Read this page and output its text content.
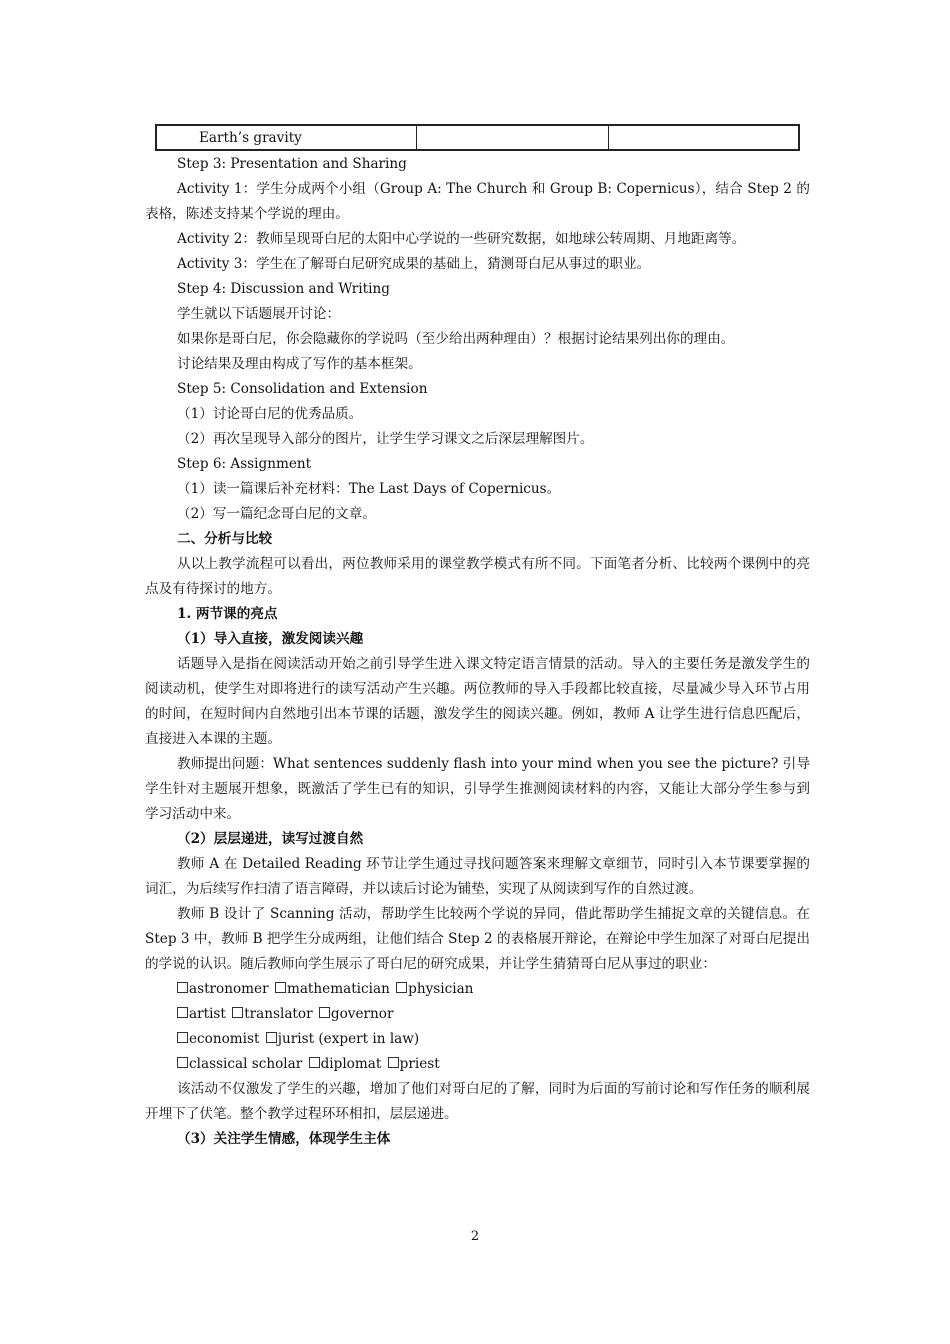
Earth’s gravity

Step 3: Presentation and Sharing

Activity 1：学生分成两个小组（Group A: The Church 和 Group B: Copernicus），结合 Step 2 的表格，陈述支持某个学说的理由。

Activity 2：教师呈现哥白尼的太阳中心学说的一些研究数据，如地球公转周期、月地距离等。

Activity 3：学生在了解哥白尼研究成果的基础上，猜测哥白尼从事过的职业。

Step 4: Discussion and Writing

学生就以下话题展开讨论：

如果你是哥白尼，你会隐藏你的学说吗（至少给出两种理由）？根据讨论结果列出你的理由。

讨论结果及理由构成了写作的基本框架。

Step 5: Consolidation and Extension

（1）讨论哥白尼的优秀品质。

（2）再次呈现导入部分的图片，让学生学习课文之后深层理解图片。

Step 6: Assignment

（1）读一篇课后补充材料：The Last Days of Copernicus。

（2）写一篇纪念哥白尼的文章。

二、分析与比较

从以上教学流程可以看出，两位教师采用的课堂教学模式有所不同。下面笔者分析、比较两个课例中的亮点及有待探讨的地方。

1. 两节课的亮点

（1）导入直接，激发阅读兴趣

话题导入是指在阅读活动开始之前引导学生进入课文特定语言情景的活动。导入的主要任务是激发学生的阅读动机，使学生对即将进行的读写活动产生兴趣。两位教师的导入手段都比较直接，尽量减少导入环节占用的时间，在短时间内自然地引出本节课的话题，激发学生的阅读兴趣。例如，教师 A 让学生进行信息匹配后，直接进入本课的主题。

教师提出问题：What sentences suddenly flash into your mind when you see the picture? 引导学生针对主题展开想象，既激活了学生已有的知识，引导学生推测阅读材料的内容，又能让大部分学生参与到学习活动中来。

（2）层层递进，读写过渡自然

教师 A 在 Detailed Reading 环节让学生通过寻找问题答案来理解文章细节，同时引入本节课要掌握的词汇，为后续写作扫清了语言障碍，并以读后讨论为铺垫，实现了从阅读到写作的自然过渡。

教师 B 设计了 Scanning 活动，帮助学生比较两个学说的异同，借此帮助学生捕捉文章的关键信息。在 Step 3 中，教师 B 把学生分成两组，让他们结合 Step 2 的表格展开辩论，在辩论中学生加深了对哥白尼提出的学说的认识。随后教师向学生展示了哥白尼的研究成果，并让学生猜猜哥白尼从事过的职业：

astronomer mathematician physician

artist translator governor

economist jurist (expert in law)

classical scholar diplomat priest

该活动不仅激发了学生的兴趣，增加了他们对哥白尼的了解，同时为后面的写前讨论和写作任务的顺利展开埋下了伏笔。整个教学过程环环相扣，层层递进。

（3）关注学生情感，体现学生主体

2
